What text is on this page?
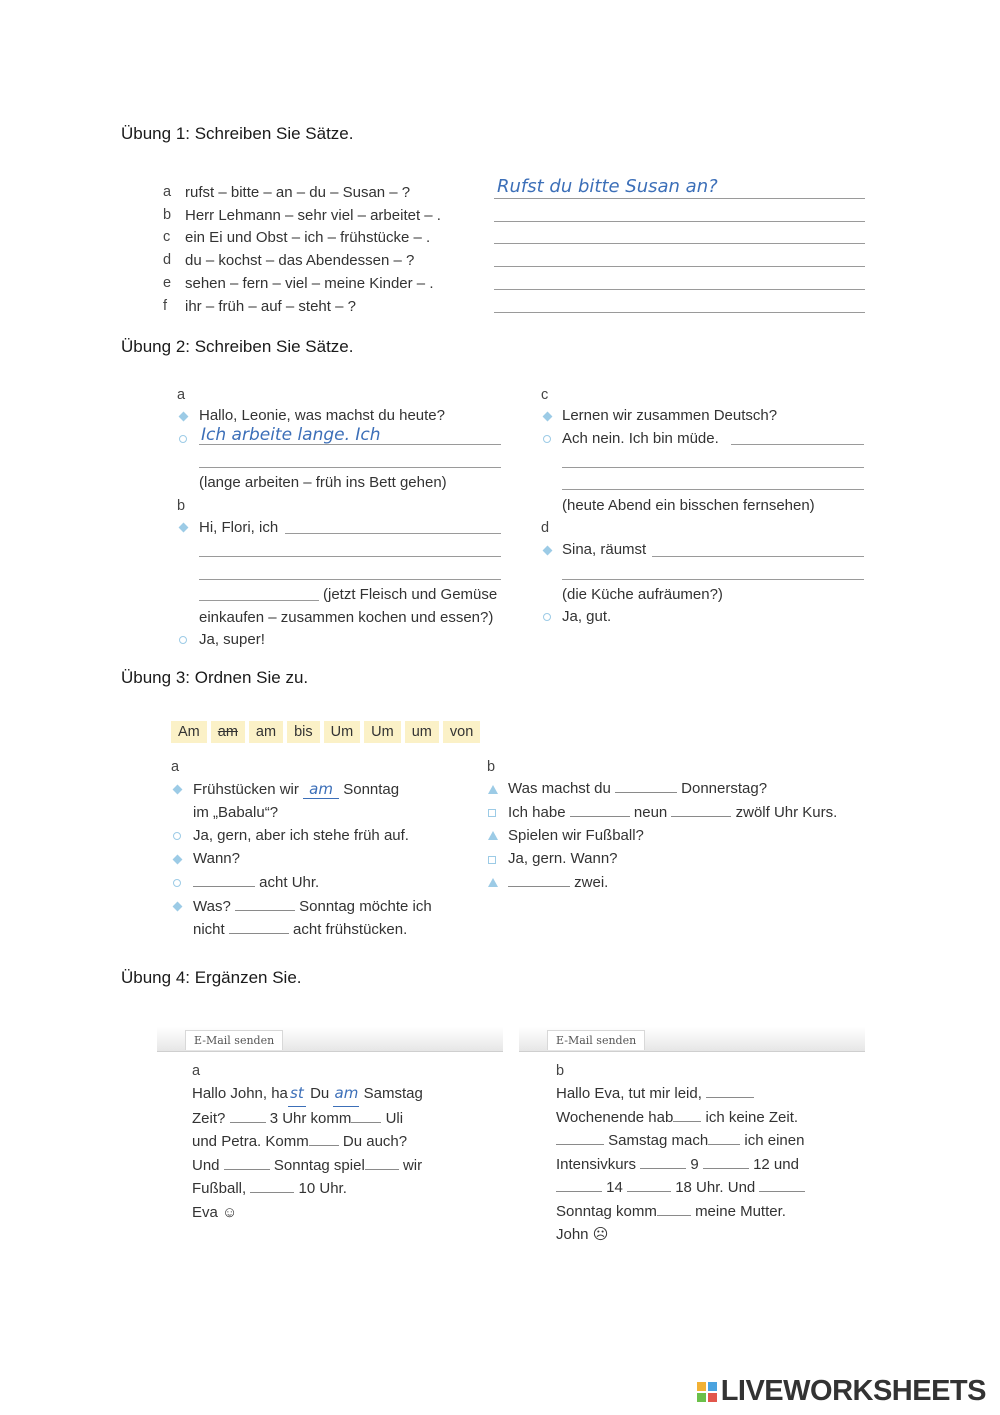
Übung 1: Schreiben Sie Sätze.
a rufst – bitte – an – du – Susan – ?	Rufst du bitte Susan an?
b Herr Lehmann – sehr viel – arbeitet – .
c ein Ei und Obst – ich – frühstücke – .
d du – kochst – das Abendessen – ?
e sehen – fern – viel – meine Kinder – .
f ihr – früh – auf – steht – ?
Übung 2: Schreiben Sie Sätze.
a
Hallo, Leonie, was machst du heute?
Ich arbeite lange. Ich
(lange arbeiten – früh ins Bett gehen)
b
Hi, Flori, ich
(jetzt Fleisch und Gemüse
einkaufen – zusammen kochen und essen?)
Ja, super!
c
Lernen wir zusammen Deutsch?
Ach nein. Ich bin müde.
(heute Abend ein bisschen fernsehen)
d
Sina, räumst
(die Küche aufräumen?)
Ja, gut.
Übung 3: Ordnen Sie zu.
Am am am bis Um Um um von
a
Frühstücken wir am Sonntag
im „Babalu“?
Ja, gern, aber ich stehe früh auf.
Wann?
acht Uhr.
Was?	Sonntag möchte ich
nicht	acht frühstücken.
b
Was machst du	Donnerstag?
Ich habe	neun	zwölf Uhr Kurs.
Spielen wir Fußball?
Ja, gern. Wann?
zwei.
Übung 4: Ergänzen Sie.
E-Mail senden
a
Hallo John, ha st Du am Samstag
Zeit?	3 Uhr komm Uli
und Petra. Komm Du auch?
Und	Sonntag spiel	wir
Fußball,	10 Uhr.
Eva ☺
E-Mail senden
b
Hallo Eva, tut mir leid,
Wochenende hab ich keine Zeit.
Samstag mach ich einen
Intensivkurs	9	12 und
14	18 Uhr. Und
Sonntag komm	meine Mutter.
John ☹
LIVEWORKSHEETS
